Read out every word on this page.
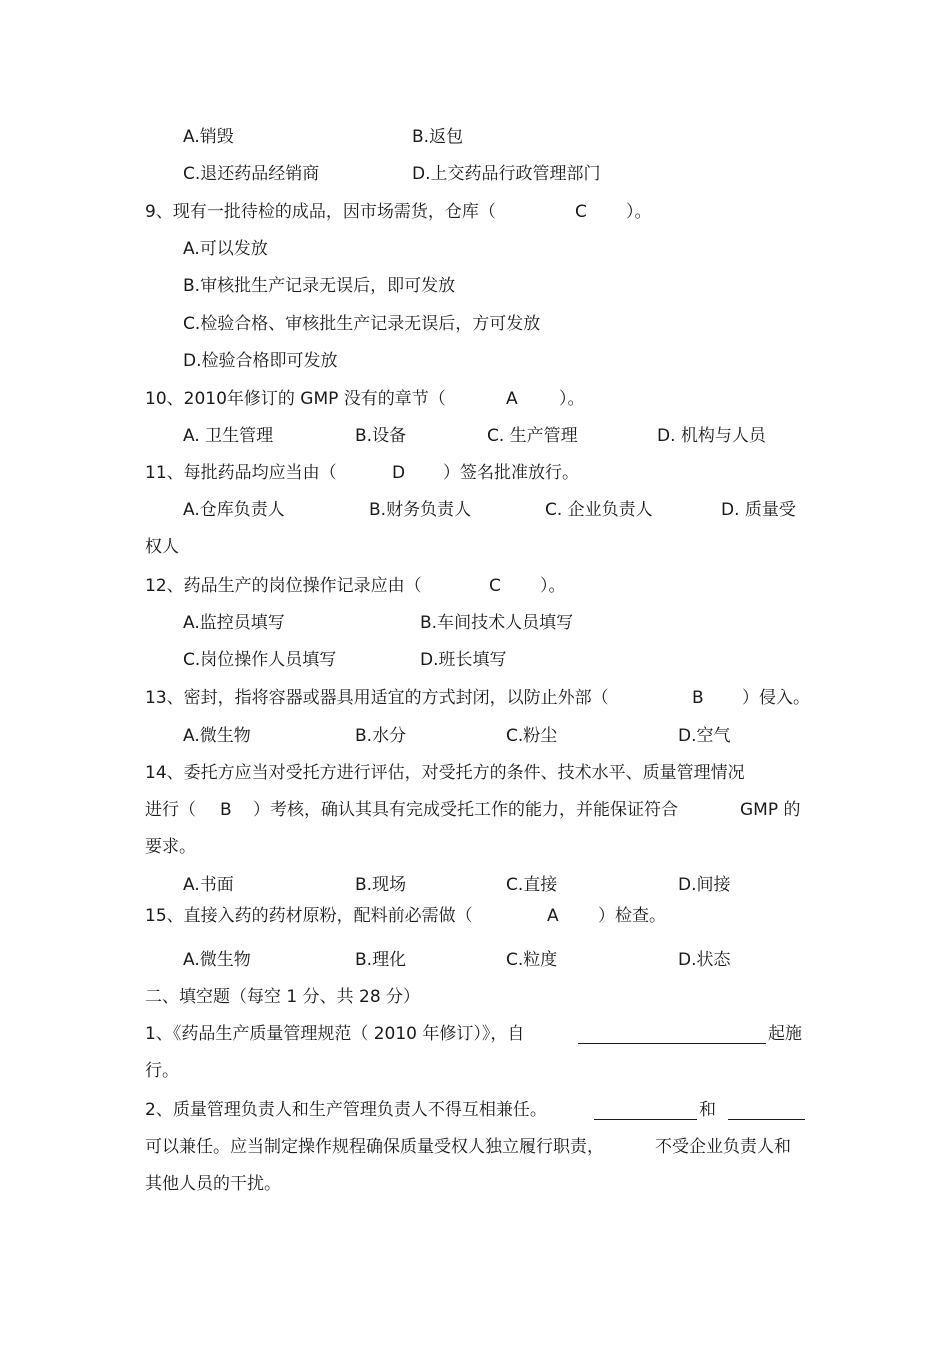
A.销毁	B.返包
C.退还药品经销商	D.上交药品行政管理部门
9、现有一批待检的成品，因市场需货，仓库（	C ）。
A.可以发放
B.审核批生产记录无误后，即可发放
C.检验合格、审核批生产记录无误后，方可发放
D.检验合格即可发放
10、2010年修订的 GMP 没有的章节（	A ）。
A. 卫生管理	B.设备	C. 生产管理	D. 机构与人员
11、每批药品均应当由（	D ）签名批准放行。
A.仓库负责人	B.财务负责人	C. 企业负责人	D. 质量受
权人
12、药品生产的岗位操作记录应由（	C ）。
A.监控员填写	B.车间技术人员填写
C.岗位操作人员填写	D.班长填写
13、密封，指将容器或器具用适宜的方式封闭，以防止外部（	B ）侵入。
A.微生物	B.水分	C.粉尘	D.空气
14、委托方应当对受托方进行评估，对受托方的条件、技术水平、质量管理情况
进行（ B ）考核，确认其具有完成受托工作的能力，并能保证符合	GMP 的
要求。
A.书面	B.现场	C.直接	D.间接
15、直接入药的药材原粉，配料前必需做（	A ）检查。
A.微生物	B.理化	C.粒度	D.状态
二、填空题（每空 1 分、共 28 分）
1、《药品生产质量管理规范（ 2010 年修订）》，自	起施
行。
2、质量管理负责人和生产管理负责人不得互相兼任。	和
可以兼任。应当制定操作规程确保质量受权人独立履行职责，	不受企业负责人和
其他人员的干扰。
